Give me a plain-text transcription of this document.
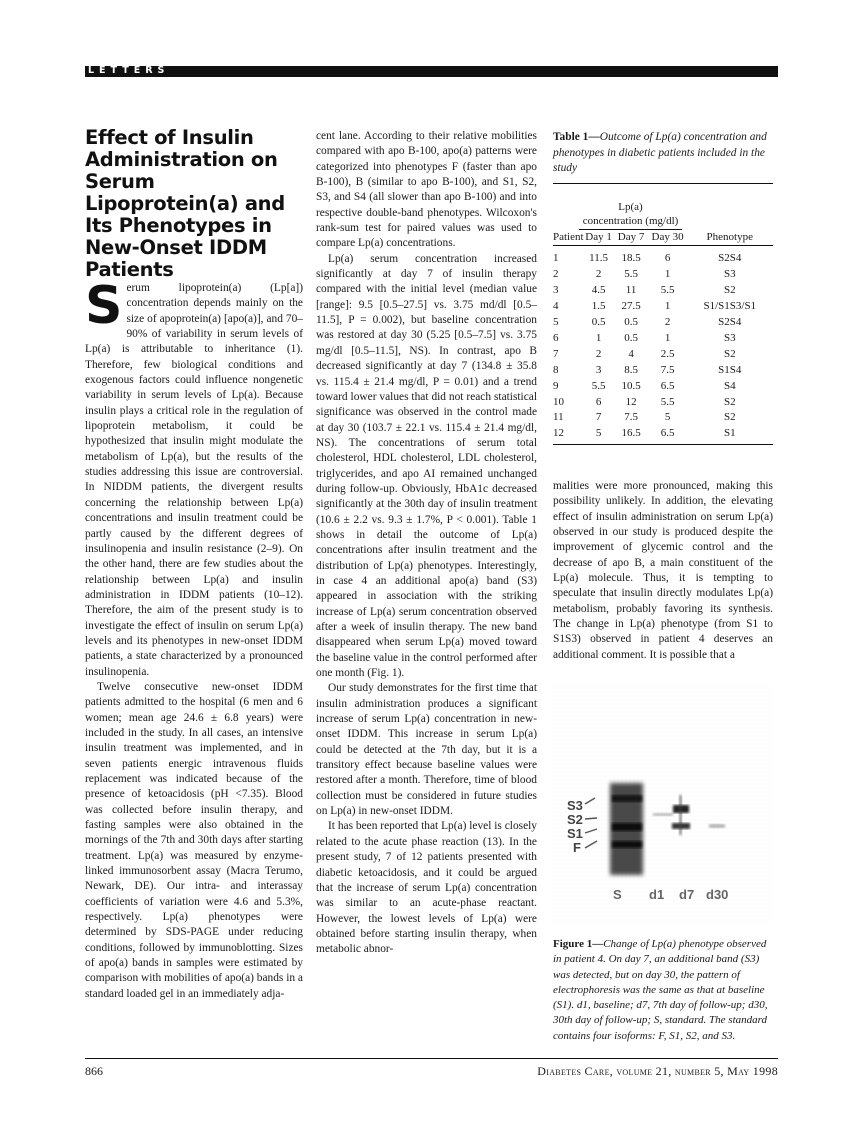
LETTERS
Effect of Insulin Administration on Serum Lipoprotein(a) and Its Phenotypes in New-Onset IDDM Patients

Serum lipoprotein(a) (Lp[a]) concentration depends mainly on the size of apoprotein(a) [apo(a)], and 70–90% of variability in serum levels of Lp(a) is attributable to inheritance (1). Therefore, few biological conditions and exogenous factors could influence nongenetic variability in serum levels of Lp(a). Because insulin plays a critical role in the regulation of lipoprotein metabolism, it could be hypothesized that insulin might modulate the metabolism of Lp(a), but the results of the studies addressing this issue are controversial. In NIDDM patients, the divergent results concerning the relationship between Lp(a) concentrations and insulin treatment could be partly caused by the different degrees of insulinopenia and insulin resistance (2–9). On the other hand, there are few studies about the relationship between Lp(a) and insulin administration in IDDM patients (10–12). Therefore, the aim of the present study is to investigate the effect of insulin on serum Lp(a) levels and its phenotypes in new-onset IDDM patients, a state characterized by a pronounced insulinopenia.

Twelve consecutive new-onset IDDM patients admitted to the hospital (6 men and 6 women; mean age 24.6 ± 6.8 years) were included in the study. In all cases, an intensive insulin treatment was implemented, and in seven patients energic intravenous fluids replacement was indicated because of the presence of ketoacidosis (pH <7.35). Blood was collected before insulin therapy, and fasting samples were also obtained in the mornings of the 7th and 30th days after starting treatment. Lp(a) was measured by enzyme-linked immunosorbent assay (Macra Terumo, Newark, DE). Our intra- and interassay coefficients of variation were 4.6 and 5.3%, respectively. Lp(a) phenotypes were determined by SDS-PAGE under reducing conditions, followed by immunoblotting. Sizes of apo(a) bands in samples were estimated by comparison with mobilities of apo(a) bands in a standard loaded gel in an immediately adja-

cent lane. According to their relative mobilities compared with apo B-100, apo(a) patterns were categorized into phenotypes F (faster than apo B-100), B (similar to apo B-100), and S1, S2, S3, and S4 (all slower than apo B-100) and into respective double-band phenotypes. Wilcoxon's rank-sum test for paired values was used to compare Lp(a) concentrations.

Lp(a) serum concentration increased significantly at day 7 of insulin therapy compared with the initial level (median value [range]: 9.5 [0.5–27.5] vs. 3.75 md/dl [0.5–11.5], P = 0.002), but baseline concentration was restored at day 30 (5.25 [0.5–7.5] vs. 3.75 mg/dl [0.5–11.5], NS). In contrast, apo B decreased significantly at day 7 (134.8 ± 35.8 vs. 115.4 ± 21.4 mg/dl, P = 0.01) and a trend toward lower values that did not reach statistical significance was observed in the control made at day 30 (103.7 ± 22.1 vs. 115.4 ± 21.4 mg/dl, NS). The concentrations of serum total cholesterol, HDL cholesterol, LDL cholesterol, triglycerides, and apo AI remained unchanged during follow-up. Obviously, HbA1c decreased significantly at the 30th day of insulin treatment (10.6 ± 2.2 vs. 9.3 ± 1.7%, P < 0.001). Table 1 shows in detail the outcome of Lp(a) concentrations after insulin treatment and the distribution of Lp(a) phenotypes. Interestingly, in case 4 an additional apo(a) band (S3) appeared in association with the striking increase of Lp(a) serum concentration observed after a week of insulin therapy. The new band disappeared when serum Lp(a) moved toward the baseline value in the control performed after one month (Fig. 1).

Our study demonstrates for the first time that insulin administration produces a significant increase of serum Lp(a) concentration in new-onset IDDM. This increase in serum Lp(a) could be detected at the 7th day, but it is a transitory effect because baseline values were restored after a month. Therefore, time of blood collection must be considered in future studies on Lp(a) in new-onset IDDM.

It has been reported that Lp(a) level is closely related to the acute phase reaction (13). In the present study, 7 of 12 patients presented with diabetic ketoacidosis, and it could be argued that the increase of serum Lp(a) concentration was similar to an acute-phase reactant. However, the lowest levels of Lp(a) were obtained before starting insulin therapy, when metabolic abnor-

Table 1—Outcome of Lp(a) concentration and phenotypes in diabetic patients included in the study

Lp(a)
concentration (mg/dl)
Patient	Day 1	Day 7	Day 30	Phenotype

1	11.5	18.5	6	S2S4
2	2	5.5	1	S3
3	4.5	11	5.5	S2
4	1.5	27.5	1	S1/S1S3/S1
5	0.5	0.5	2	S2S4
6	1	0.5	1	S3
7	2	4	2.5	S2
8	3	8.5	7.5	S1S4
9	5.5	10.5	6.5	S4
10	6	12	5.5	S2
11	7	7.5	5	S2
12	5	16.5	6.5	S1

malities were more pronounced, making this possibility unlikely. In addition, the elevating effect of insulin administration on serum Lp(a) observed in our study is produced despite the improvement of glycemic control and the decrease of apo B, a main constituent of the Lp(a) molecule. Thus, it is tempting to speculate that insulin directly modulates Lp(a) metabolism, probably favoring its synthesis. The change in Lp(a) phenotype (from S1 to S1S3) observed in patient 4 deserves an additional comment. It is possible that a

S3
S2
S1
F
S d1 d7 d30

Figure 1—Change of Lp(a) phenotype observed in patient 4. On day 7, an additional band (S3) was detected, but on day 30, the pattern of electrophoresis was the same as that at baseline (S1). d1, baseline; d7, 7th day of follow-up; d30, 30th day of follow-up; S, standard. The standard contains four isoforms: F, S1, S2, and S3.

866	Diabetes Care, volume 21, number 5, May 1998
